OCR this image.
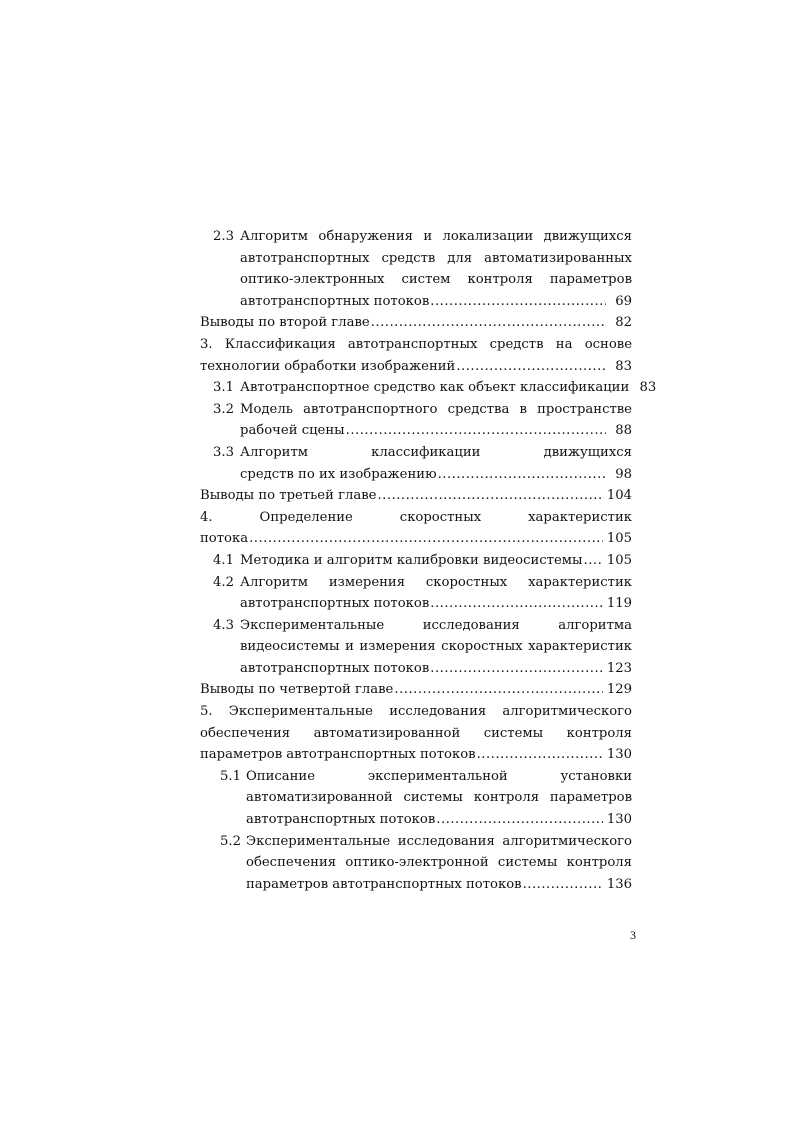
2.3 Алгоритм обнаружения и локализации движущихся
автотранспортных средств для автоматизированных
оптико-электронных систем контроля параметров
автотранспортных потоков .....	69
Выводы по второй главе .....	82
3. Классификация автотранспортных средств на основе
технологии обработки изображений .....	83
3.1 Автотранспортное средство как объект классификации 83
3.2 Модель автотранспортного средства в пространстве
рабочей сцены .....	88
3.3 Алгоритм классификации движущихся
средств по их изображению .....	98
Выводы по третьей главе .....	104
4. Определение скоростных характеристик
потока .....	105
4.1 Методика и алгоритм калибровки видеосистемы ..... 105
4.2 Алгоритм измерения скоростных характеристик
автотранспортных потоков .....	119
4.3 Экспериментальные исследования алгоритма
видеосистемы и измерения скоростных характеристик
автотранспортных потоков .....	123
Выводы по четвертой главе .....	129
5. Экспериментальные исследования алгоритмического
обеспечения автоматизированной системы контроля
параметров автотранспортных потоков .....	130
5.1 Описание экспериментальной установки
автоматизированной системы контроля параметров
автотранспортных потоков .....	130
5.2 Экспериментальные исследования алгоритмического
обеспечения оптико-электронной системы контроля
параметров автотранспортных потоков .....	136
3
